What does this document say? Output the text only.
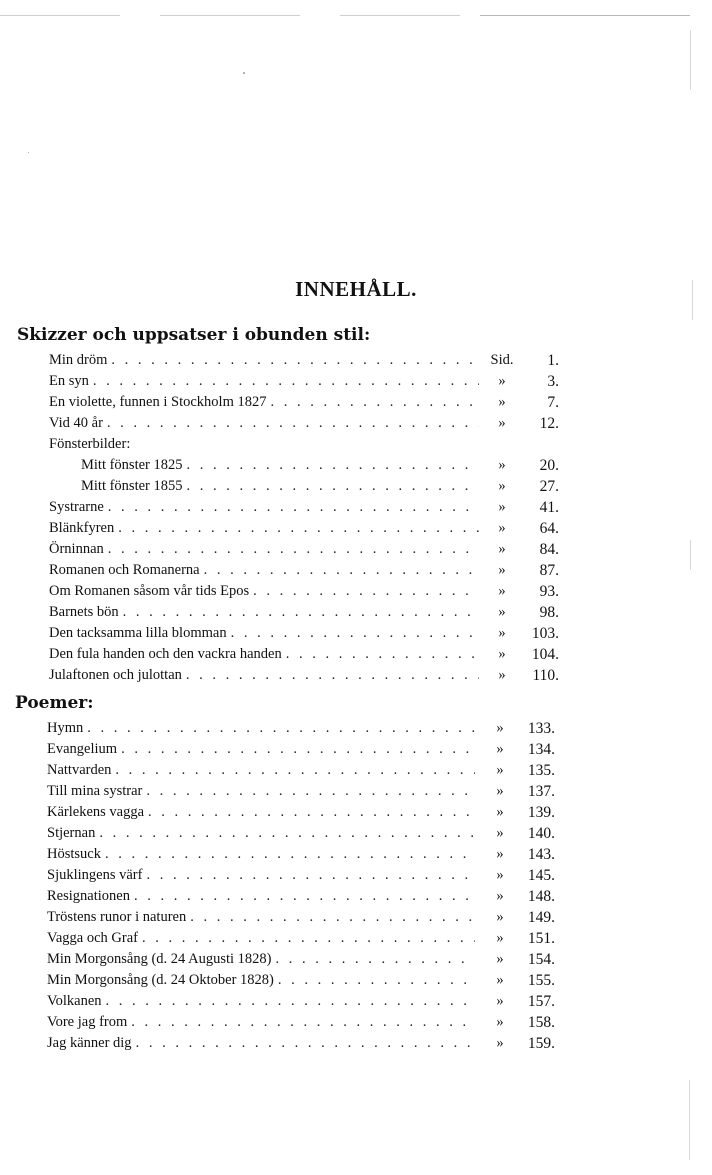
INNEHÅLL.
Skizzer och uppsatser i obunden stil:
Min dröm . . .	Sid.	1.
En syn . . .	»	3.
En violette, funnen i Stockholm 1827 . . .	»	7.
Vid 40 år . . .	»	12.
Fönsterbilder:
Mitt fönster 1825 . . .	»	20.
Mitt fönster 1855 . . .	»	27.
Systrarne . . .	»	41.
Blänkfyren . . .	»	64.
Örninnan . . .	»	84.
Romanen och Romanerna . . .	»	87.
Om Romanen såsom vår tids Epos . . .	»	93.
Barnets bön . . .	»	98.
Den tacksamma lilla blomman . . .	»	103.
Den fula handen och den vackra handen . . .	»	104.
Julaftonen och julottan . . .	»	110.
Poemer:
Hymn . . .	»	133.
Evangelium . . .	»	134.
Nattvarden . . .	»	135.
Till mina systrar . . .	»	137.
Kärlekens vagga . . .	»	139.
Stjernan . . .	»	140.
Höstsuck . . .	»	143.
Sjuklingens värf . . .	»	145.
Resignationen . . .	»	148.
Tröstens runor i naturen . . .	»	149.
Vagga och Graf . . .	»	151.
Min Morgonsång (d. 24 Augusti 1828) . . .	»	154.
Min Morgonsång (d. 24 Oktober 1828) . . .	»	155.
Volkanen . . .	»	157.
Vore jag from . . .	»	158.
Jag känner dig . . .	»	159.
